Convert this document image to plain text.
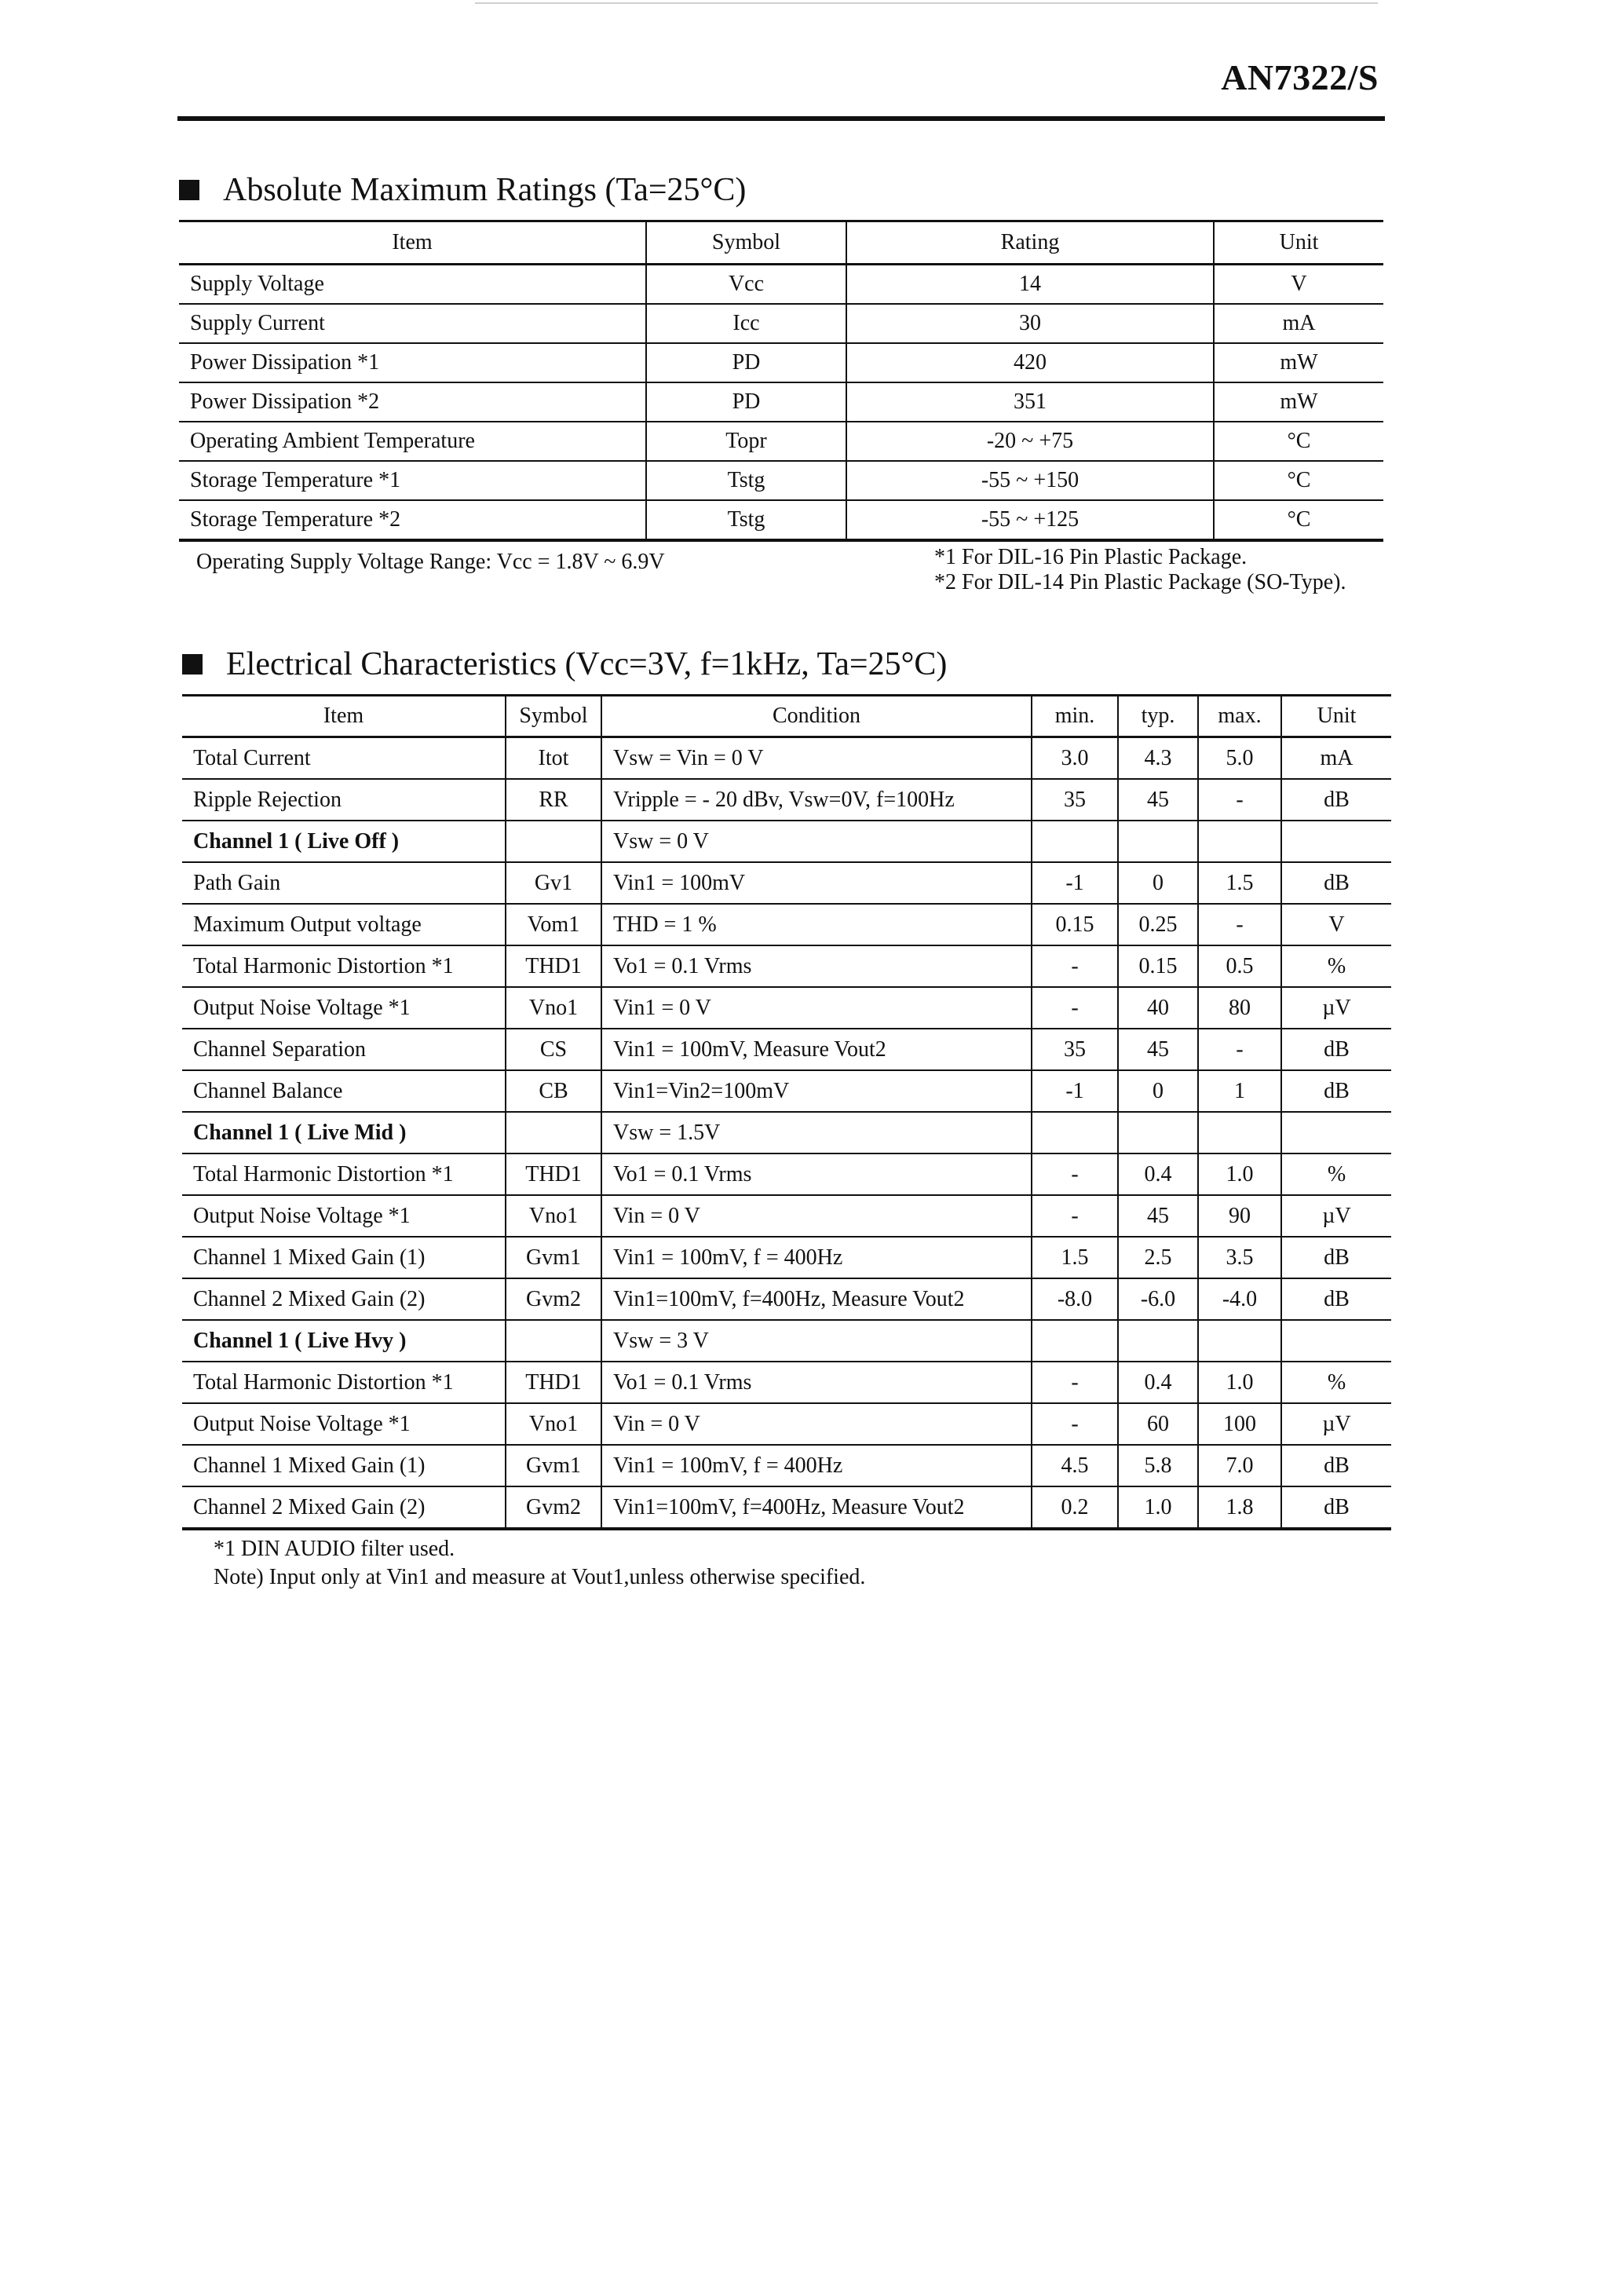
AN7322/S
Absolute Maximum Ratings (Ta=25°C)
Item	Symbol	Rating	Unit
Supply Voltage	Vcc	14	V
Supply Current	Icc	30	mA
Power Dissipation *1	PD	420	mW
Power Dissipation *2	PD	351	mW
Operating Ambient Temperature	Topr	-20 ~ +75	°C
Storage Temperature *1	Tstg	-55 ~ +150	°C
Storage Temperature *2	Tstg	-55 ~ +125	°C
Operating Supply Voltage Range: Vcc = 1.8V ~ 6.9V	*1 For DIL-16 Pin Plastic Package.
*2 For DIL-14 Pin Plastic Package (SO-Type).
Electrical Characteristics (Vcc=3V, f=1kHz, Ta=25°C)
Item	Symbol	Condition	min.	typ.	max.	Unit
Total Current	Itot	Vsw = Vin = 0 V	3.0	4.3	5.0	mA
Ripple Rejection	RR	Vripple = - 20 dBv, Vsw=0V, f=100Hz	35	45	-	dB
Channel 1 ( Live Off )		Vsw = 0 V				
Path Gain	Gv1	Vin1 = 100mV	-1	0	1.5	dB
Maximum Output voltage	Vom1	THD = 1 %	0.15	0.25	-	V
Total Harmonic Distortion *1	THD1	Vo1 = 0.1 Vrms	-	0.15	0.5	%
Output Noise Voltage *1	Vno1	Vin1 = 0 V	-	40	80	µV
Channel Separation	CS	Vin1 = 100mV, Measure Vout2	35	45	-	dB
Channel Balance	CB	Vin1=Vin2=100mV	-1	0	1	dB
Channel 1 ( Live Mid )		Vsw = 1.5V				
Total Harmonic Distortion *1	THD1	Vo1 = 0.1 Vrms	-	0.4	1.0	%
Output Noise Voltage *1	Vno1	Vin = 0 V	-	45	90	µV
Channel 1 Mixed Gain (1)	Gvm1	Vin1 = 100mV, f = 400Hz	1.5	2.5	3.5	dB
Channel 2 Mixed Gain (2)	Gvm2	Vin1=100mV, f=400Hz, Measure Vout2	-8.0	-6.0	-4.0	dB
Channel 1 ( Live Hvy )		Vsw = 3 V				
Total Harmonic Distortion *1	THD1	Vo1 = 0.1 Vrms	-	0.4	1.0	%
Output Noise Voltage *1	Vno1	Vin = 0 V	-	60	100	µV
Channel 1 Mixed Gain (1)	Gvm1	Vin1 = 100mV, f = 400Hz	4.5	5.8	7.0	dB
Channel 2 Mixed Gain (2)	Gvm2	Vin1=100mV, f=400Hz, Measure Vout2	0.2	1.0	1.8	dB
*1 DIN AUDIO filter used.
Note) Input only at Vin1 and measure at Vout1,unless otherwise specified.
